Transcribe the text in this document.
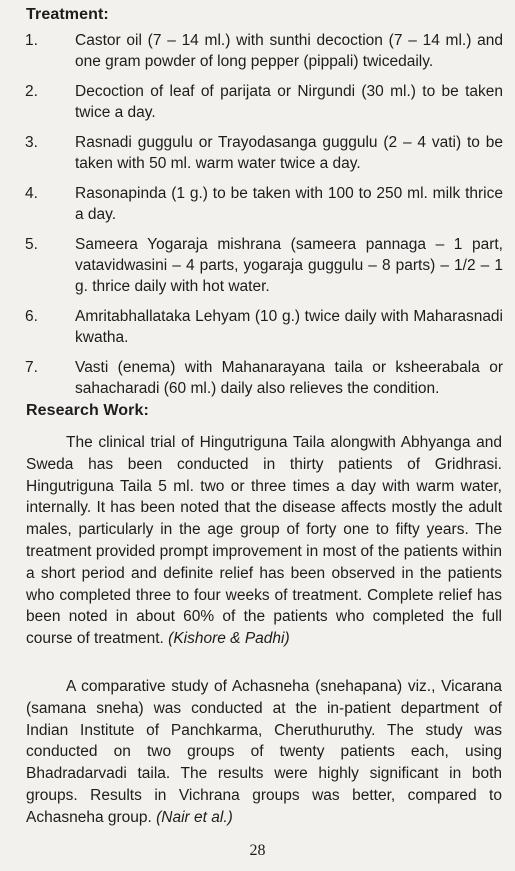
Treatment:
1.	Castor oil (7 – 14 ml.) with sunthi decoction (7 – 14 ml.) and one gram powder of long pepper (pippali) twicedaily.
2.	Decoction of leaf of parijata or Nirgundi (30 ml.) to be taken twice a day.
3.	Rasnadi guggulu or Trayodasanga guggulu (2 – 4 vati) to be taken with 50 ml. warm water twice a day.
4.	Rasonapinda (1 g.) to be taken with 100 to 250 ml. milk thrice a day.
5.	Sameera Yogaraja mishrana (sameera pannaga – 1 part, vatavidwasini – 4 parts, yogaraja guggulu – 8 parts) – 1/2 – 1 g. thrice daily with hot water.
6.	Amritabhallataka Lehyam (10 g.) twice daily with Maharasnadi kwatha.
7.	Vasti (enema) with Mahanarayana taila or ksheerabala or sahacharadi (60 ml.) daily also relieves the condition.
Research Work:

The clinical trial of Hingutriguna Taila alongwith Abhyanga and Sweda has been conducted in thirty patients of Gridhrasi. Hingutriguna Taila 5 ml. two or three times a day with warm water, internally. It has been noted that the disease affects mostly the adult males, particularly in the age group of forty one to fifty years. The treatment provided prompt improvement in most of the patients within a short period and definite relief has been observed in the patients who completed three to four weeks of treatment. Complete relief has been noted in about 60% of the patients who completed the full course of treatment. (Kishore & Padhi)

A comparative study of Achasneha (snehapana) viz., Vicarana (samana sneha) was conducted at the in-patient department of Indian Institute of Panchkarma, Cheruthuruthy. The study was conducted on two groups of twenty patients each, using Bhadradarvadi taila. The results were highly significant in both groups. Results in Vichrana groups was better, compared to Achasneha group. (Nair et al.)

28
